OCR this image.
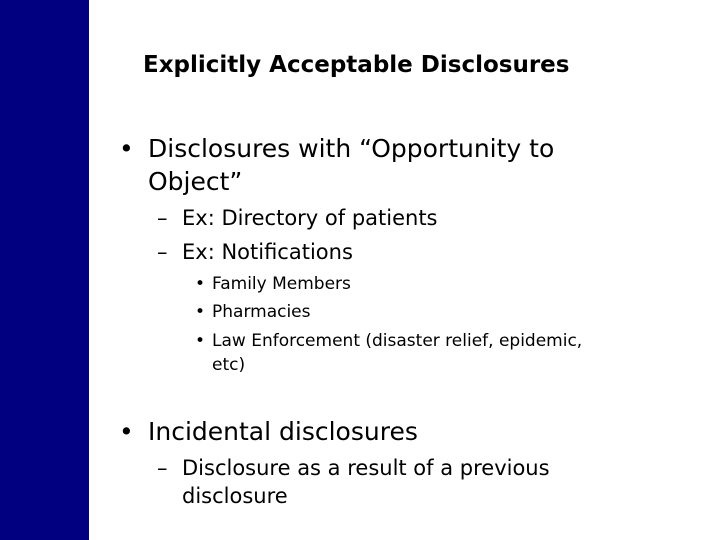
Explicitly Acceptable Disclosures
• Disclosures with “Opportunity to
Object”
– Ex: Directory of patients
– Ex: Notifications
• Family Members
• Pharmacies
• Law Enforcement (disaster relief, epidemic,
etc)
• Incidental disclosures
– Disclosure as a result of a previous
disclosure
